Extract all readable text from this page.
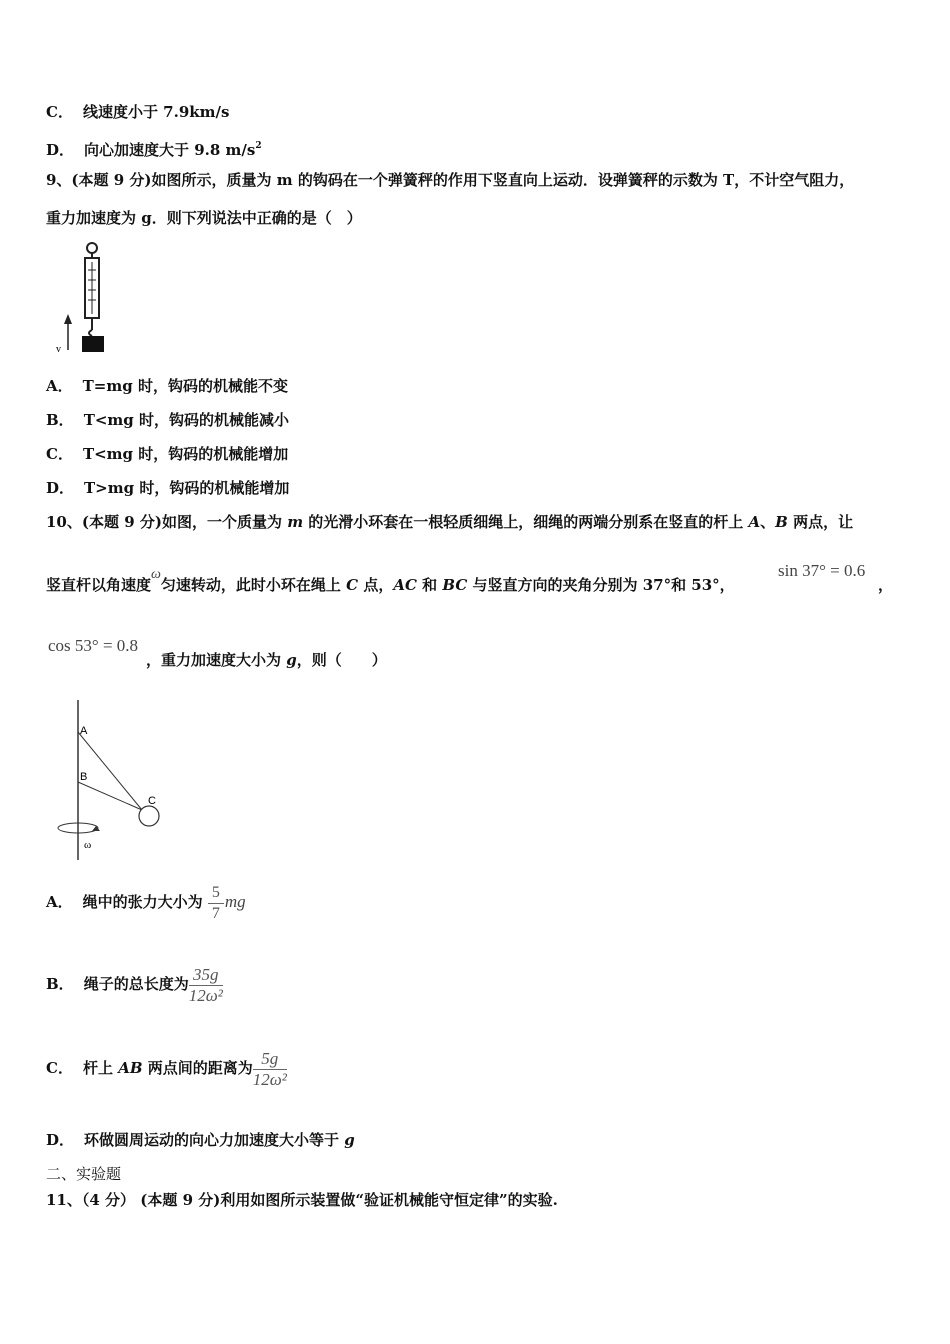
C． 线速度小于 7.9km/s
D． 向心加速度大于 9.8 $m/s^2$
9、(本题 9 分)如图所示，质量为 m 的钩码在一个弹簧秤的作用下竖直向上运动．设弹簧秤的示数为 T，不计空气阻力，
重力加速度为 g．则下列说法中正确的是（　）
v
A． T=mg 时，钩码的机械能不变
B． T<mg 时，钩码的机械能减小
C． T<mg 时，钩码的机械能增加
D． T>mg 时，钩码的机械能增加
10、(本题 9 分)如图，一个质量为 m 的光滑小环套在一根轻质细绳上，细绳的两端分别系在竖直的杆上 A、B 两点，让
竖直杆以角速度ω匀速转动，此时小环在绳上 C 点，AC 和 BC 与竖直方向的夹角分别为 37°和 53°，
sin 37° = 0.6
，
cos 53° = 0.8
，重力加速度大小为 g，则（　　）
A
B
C
ω
A． 绳中的张力大小为 $\frac{5}{7}$ mg
B． 绳子的总长度为 $\frac{35g}{\text{12ω²}}$
C． 杆上 AB 两点间的距离为 $\frac{5g}{\text{12ω²}}$
D． 环做圆周运动的向心力加速度大小等于 g
二、实验题
11、（4 分） (本题 9 分)利用如图所示装置做“验证机械能守恒定律”的实验.
